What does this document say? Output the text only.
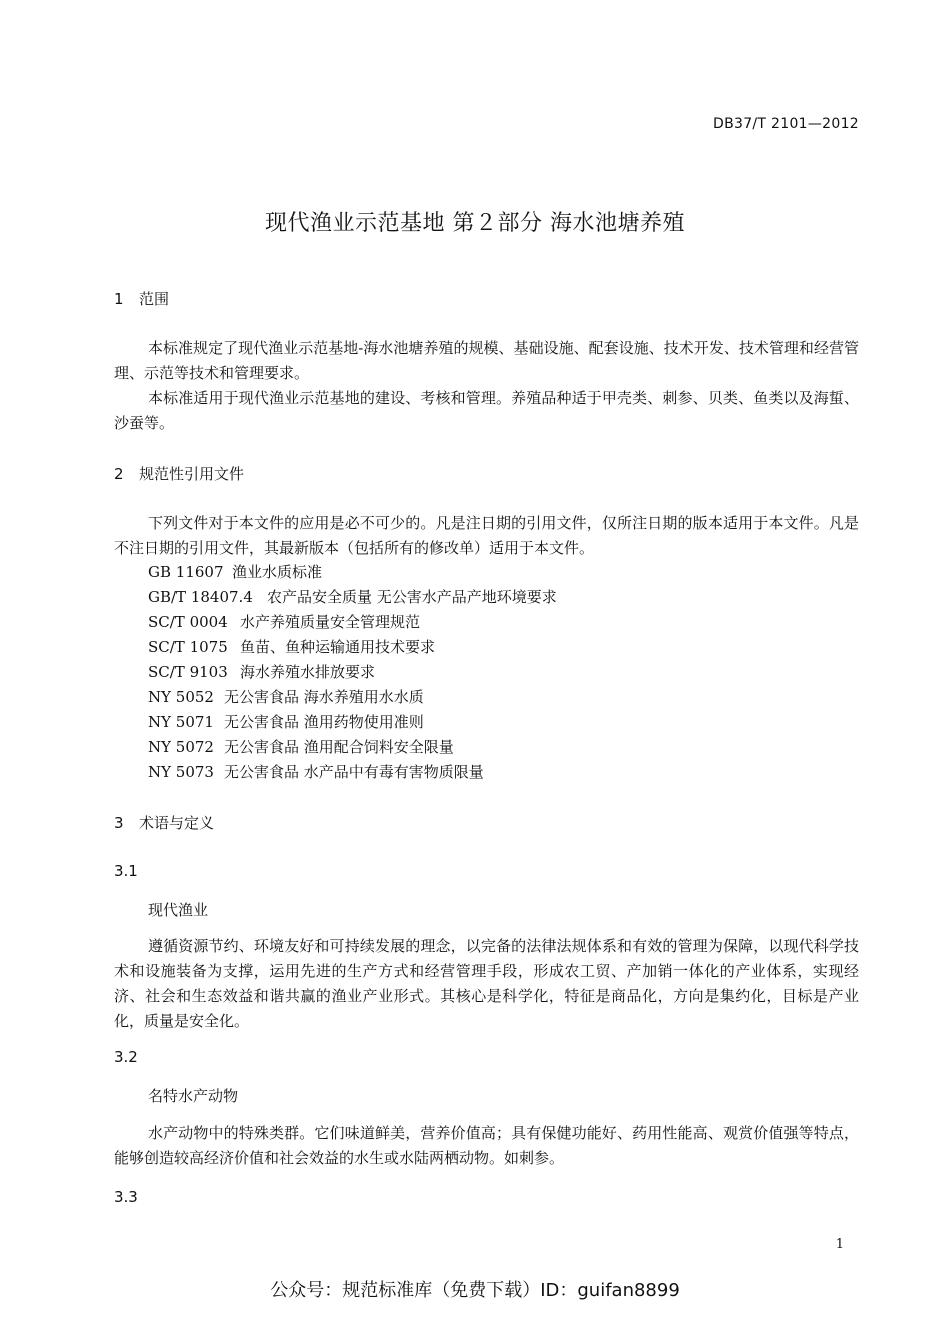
DB37/T 2101—2012
现代渔业示范基地 第２部分 海水池塘养殖
1 范围
本标准规定了现代渔业示范基地-海水池塘养殖的规模、基础设施、配套设施、技术开发、技术管理和经营管理、示范等技术和管理要求。
本标准适用于现代渔业示范基地的建设、考核和管理。养殖品种适于甲壳类、刺参、贝类、鱼类以及海蜇、沙蚕等。
2 规范性引用文件
下列文件对于本文件的应用是必不可少的。凡是注日期的引用文件，仅所注日期的版本适用于本文件。凡是不注日期的引用文件，其最新版本（包括所有的修改单）适用于本文件。
GB 11607 渔业水质标准
GB/T 18407.4 农产品安全质量 无公害水产品产地环境要求
SC/T 0004 水产养殖质量安全管理规范
SC/T 1075 鱼苗、鱼种运输通用技术要求
SC/T 9103 海水养殖水排放要求
NY 5052 无公害食品 海水养殖用水水质
NY 5071 无公害食品 渔用药物使用准则
NY 5072 无公害食品 渔用配合饲料安全限量
NY 5073 无公害食品 水产品中有毒有害物质限量
3 术语与定义
3.1
现代渔业
遵循资源节约、环境友好和可持续发展的理念，以完备的法律法规体系和有效的管理为保障，以现代科学技术和设施装备为支撑，运用先进的生产方式和经营管理手段，形成农工贸、产加销一体化的产业体系，实现经济、社会和生态效益和谐共赢的渔业产业形式。其核心是科学化，特征是商品化，方向是集约化，目标是产业化，质量是安全化。
3.2
名特水产动物
水产动物中的特殊类群。它们味道鲜美，营养价值高；具有保健功能好、药用性能高、观赏价值强等特点，能够创造较高经济价值和社会效益的水生或水陆两栖动物。如刺参。
3.3
1
公众号：规范标准库（免费下载）ID：guifan8899
